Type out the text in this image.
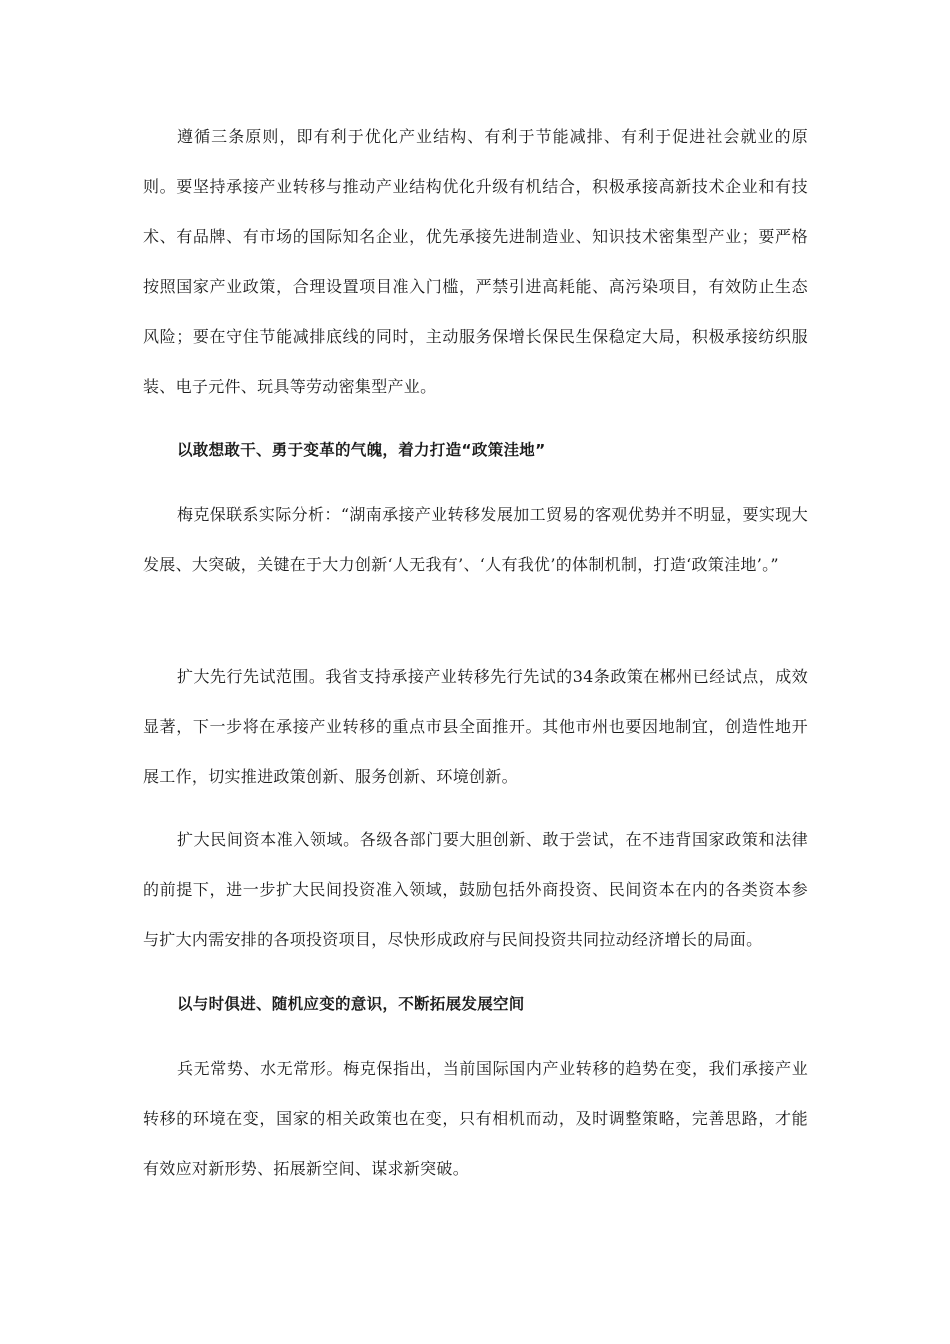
遵循三条原则，即有利于优化产业结构、有利于节能减排、有利于促进社会就业的原则。要坚持承接产业转移与推动产业结构优化升级有机结合，积极承接高新技术企业和有技术、有品牌、有市场的国际知名企业，优先承接先进制造业、知识技术密集型产业；要严格按照国家产业政策，合理设置项目准入门槛，严禁引进高耗能、高污染项目，有效防止生态风险；要在守住节能减排底线的同时，主动服务保增长保民生保稳定大局，积极承接纺织服装、电子元件、玩具等劳动密集型产业。

以敢想敢干、勇于变革的气魄，着力打造“政策洼地”

梅克保联系实际分析：“湖南承接产业转移发展加工贸易的客观优势并不明显，要实现大发展、大突破，关键在于大力创新‘人无我有’、‘人有我优’的体制机制，打造‘政策洼地’。”

扩大先行先试范围。我省支持承接产业转移先行先试的34条政策在郴州已经试点，成效显著，下一步将在承接产业转移的重点市县全面推开。其他市州也要因地制宜，创造性地开展工作，切实推进政策创新、服务创新、环境创新。

扩大民间资本准入领域。各级各部门要大胆创新、敢于尝试，在不违背国家政策和法律的前提下，进一步扩大民间投资准入领域，鼓励包括外商投资、民间资本在内的各类资本参与扩大内需安排的各项投资项目，尽快形成政府与民间投资共同拉动经济增长的局面。

以与时俱进、随机应变的意识，不断拓展发展空间

兵无常势、水无常形。梅克保指出，当前国际国内产业转移的趋势在变，我们承接产业转移的环境在变，国家的相关政策也在变，只有相机而动，及时调整策略，完善思路，才能有效应对新形势、拓展新空间、谋求新突破。
